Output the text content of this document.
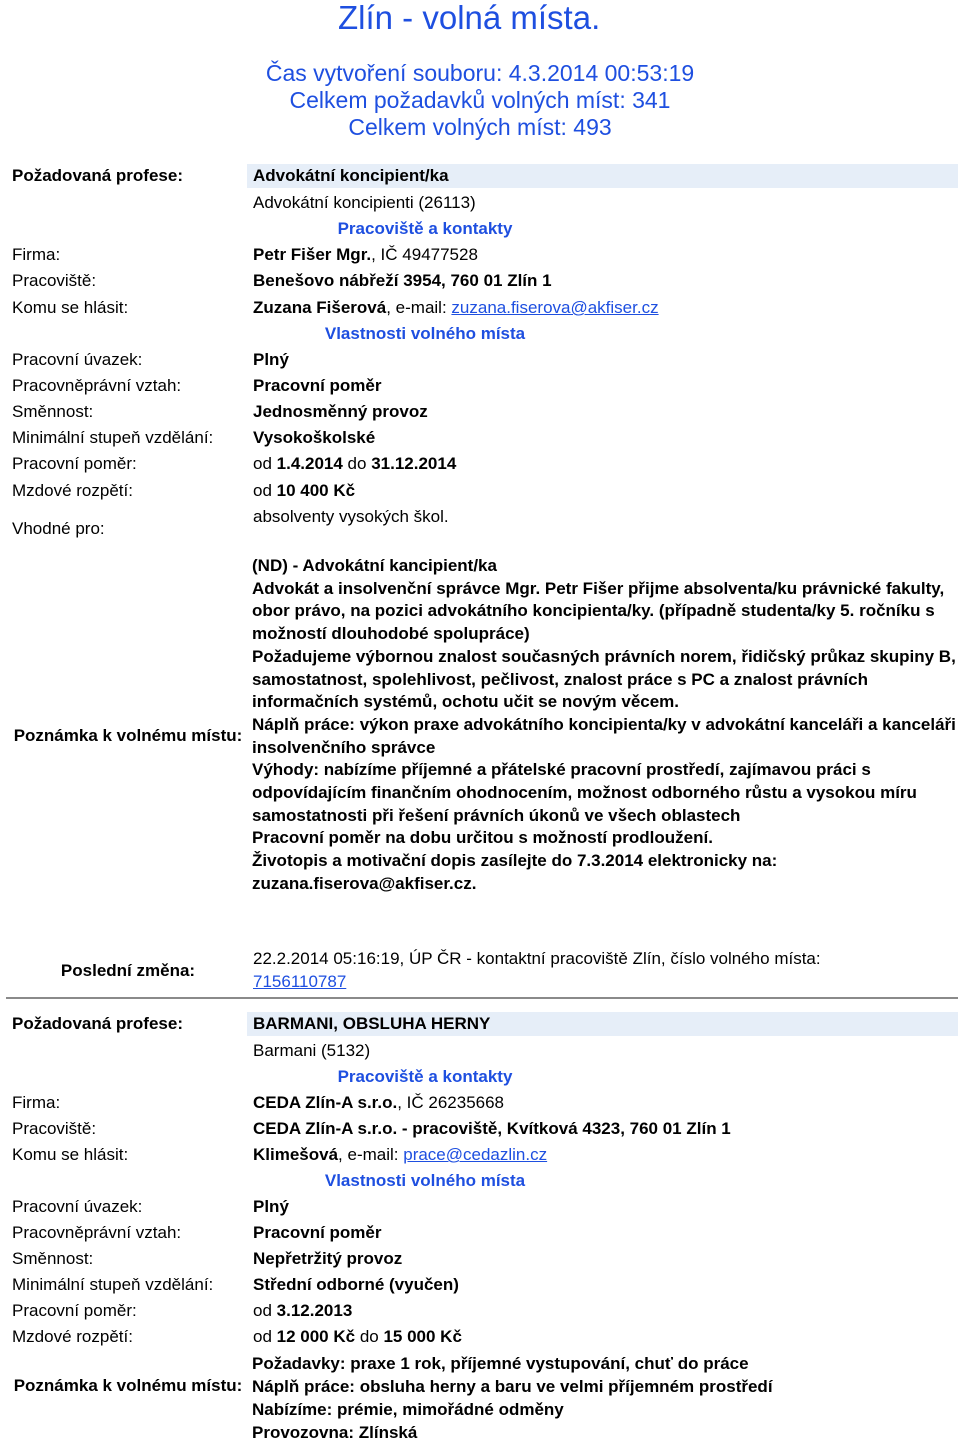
Zlín - volná místa.
Čas vytvoření souboru: 4.3.2014 00:53:19
Celkem požadavků volných míst: 341
Celkem volných míst: 493
Požadovaná profese:	Advokátní koncipient/ka
Advokátní koncipienti (26113)
Pracoviště a kontakty
Firma:	Petr Fišer Mgr., IČ 49477528
Pracoviště:	Benešovo nábřeží 3954, 760 01 Zlín 1
Komu se hlásit:	Zuzana Fišerová, e-mail: zuzana.fiserova@akfiser.cz
Vlastnosti volného místa
Pracovní úvazek:	Plný
Pracovněprávní vztah:	Pracovní poměr
Směnnost:	Jednosměnný provoz
Minimální stupeň vzdělání: Vysokoškolské
Pracovní poměr:	od 1.4.2014 do 31.12.2014
Mzdové rozpětí:	od 10 400 Kč
Vhodné pro:
absolventy vysokých škol.
Poznámka k volnému místu:

(ND) - Advokátní kancipient/ka

Advokát a insolvenční správce Mgr. Petr Fišer přijme absolventa/ku právnické fakulty, obor právo, na pozici advokátního koncipienta/ky. (případně studenta/ky 5. ročníku s možností dlouhodobé spolupráce)

Požadujeme výbornou znalost současných právních norem, řidičský průkaz skupiny B, samostatnost, spolehlivost, pečlivost, znalost práce s PC a znalost právních informačních systémů, ochotu učit se novým věcem.

Náplň práce: výkon praxe advokátního koncipienta/ky v advokátní kanceláři a kanceláři insolvenčního správce

Výhody: nabízíme příjemné a přátelské pracovní prostředí, zajímavou práci s odpovídajícím finančním ohodnocením, možnost odborného růstu a vysokou míru samostatnosti při řešení právních úkonů ve všech oblastech

Pracovní poměr na dobu určitou s možností prodloužení.

Životopis a motivační dopis zasílejte do 7.3.2014 elektronicky na: zuzana.fiserova@akfiser.cz.

Poslední změna:
22.2.2014 05:16:19, ÚP ČR - kontaktní pracoviště Zlín, číslo volného místa:
7156110787
Požadovaná profese:	BARMANI, OBSLUHA HERNY
Barmani (5132)
Pracoviště a kontakty
Firma:	CEDA Zlín-A s.r.o., IČ 26235668
Pracoviště:	CEDA Zlín-A s.r.o. - pracoviště, Kvítková 4323, 760 01 Zlín 1
Komu se hlásit:	Klimešová, e-mail: prace@cedazlin.cz
Vlastnosti volného místa
Pracovní úvazek:	Plný
Pracovněprávní vztah:	Pracovní poměr
Směnnost:	Nepřetržitý provoz
Minimální stupeň vzdělání: Střední odborné (vyučen)
Pracovní poměr:	od 3.12.2013
Mzdové rozpětí:	od 12 000 Kč do 15 000 Kč
Poznámka k volnému místu:

Požadavky: praxe 1 rok, příjemné vystupování, chuť do práce

Náplň práce: obsluha herny a baru ve velmi příjemném prostředí

Nabízíme: prémie, mimořádné odměny

Provozovna: Zlínská
